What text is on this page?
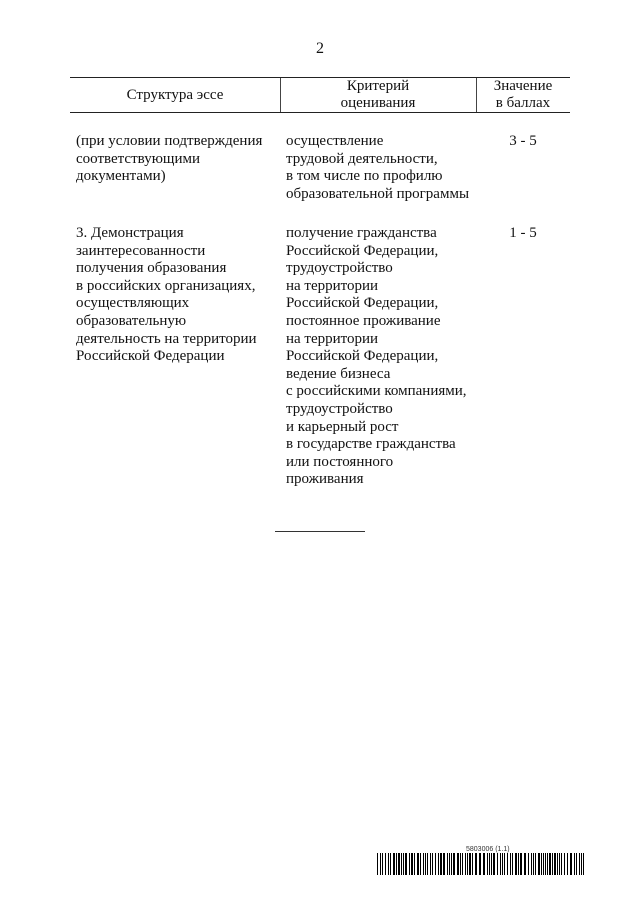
2
Структура эссе
Критерий
оценивания
Значение
в баллах
(при условии подтверждения
соответствующими
документами)
осуществление
трудовой деятельности,
в том числе по профилю
образовательной программы
3 - 5
3. Демонстрация
заинтересованности
получения образования
в российских организациях,
осуществляющих
образовательную
деятельность на территории
Российской Федерации
получение гражданства
Российской Федерации,
трудоустройство
на территории
Российской Федерации,
постоянное проживание
на территории
Российской Федерации,
ведение бизнеса
с российскими компаниями,
трудоустройство
и карьерный рост
в государстве гражданства
или постоянного
проживания
1 - 5
5803006 (1.1)
